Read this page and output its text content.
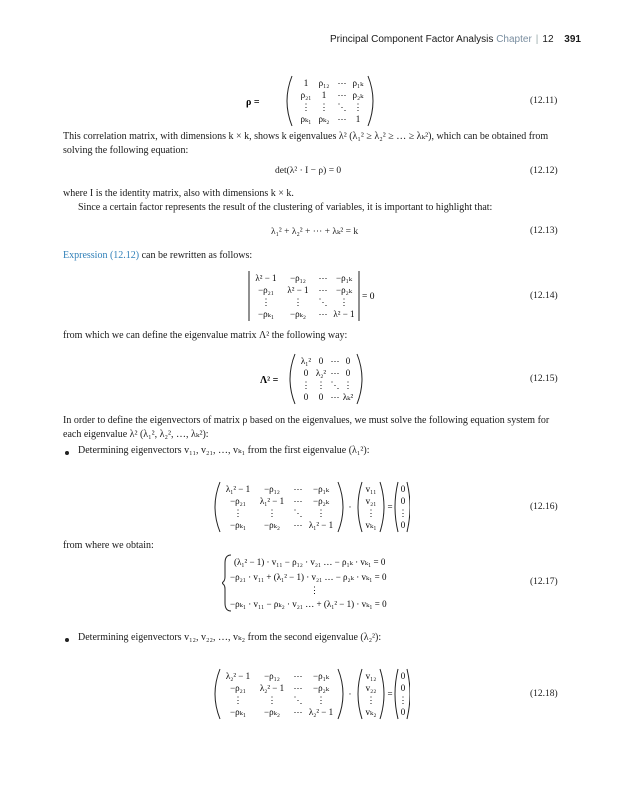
Principal Component Factor Analysis Chapter | 12 391
ρ =
1 ρ₁₂ ⋯ ρ₁ₖ
ρ₂₁ 1 ⋯ ρ₂ₖ
⋮ ⋮ ⋱ ⋮
ρₖ₁ ρₖ₂ ⋯ 1
(12.11)
This correlation matrix, with dimensions k × k, shows k eigenvalues λ² (λ₁² ≥ λ₂² ≥ … ≥ λₖ²), which can be obtained from solving the following equation:
det(λ² · I − ρ) = 0	(12.12)
where I is the identity matrix, also with dimensions k × k.
Since a certain factor represents the result of the clustering of variables, it is important to highlight that:
λ₁² + λ₂² + ⋯ + λₖ² = k	(12.13)
Expression (12.12) can be rewritten as follows:
λ² − 1 −ρ₁₂ ⋯ −ρ₁ₖ
−ρ₂₁ λ² − 1 ⋯ −ρ₂ₖ
⋮	⋮ ⋱ ⋮
−ρₖ₁ −ρₖ₂ ⋯ λ² − 1
= 0	(12.14)
from which we can define the eigenvalue matrix Λ² the following way:
Λ² =
λ₁² 0 ⋯ 0
0 λ₂² ⋯ 0
⋮ ⋮ ⋱ ⋮
0 0 ⋯ λₖ²
(12.15)
In order to define the eigenvectors of matrix ρ based on the eigenvalues, we must solve the following equation system for each eigenvalue λ² (λ₁², λ₂², …, λₖ²):
Determining eigenvectors v₁₁, v₂₁, …, vₖ₁ from the first eigenvalue (λ₁²):
λ₁² − 1 −ρ₁₂ ⋯ −ρ₁ₖ
−ρ₂₁ λ₁² − 1 ⋯ −ρ₂ₖ
⋮	⋮ ⋱ ⋮
−ρₖ₁ −ρₖ₂ ⋯ λ₁² − 1
·
v₁₁
v₂₁
⋮
vₖ₁
=
0
0
⋮
0
(12.16)
from where we obtain:
(λ₁² − 1) · v₁₁ − ρ₁₂ · v₂₁ … − ρ₁ₖ · vₖ₁ = 0
−ρ₂₁ · v₁₁ + (λ₁² − 1) · v₂₁ … − ρ₂ₖ · vₖ₁ = 0
⋮
−ρₖ₁ · v₁₁ − ρₖ₂ · v₂₁ … + (λ₁² − 1) · vₖ₁ = 0
(12.17)
Determining eigenvectors v₁₂, v₂₂, …, vₖ₂ from the second eigenvalue (λ₂²):
λ₂² − 1 −ρ₁₂ ⋯ −ρ₁ₖ
−ρ₂₁ λ₂² − 1 ⋯ −ρ₂ₖ
⋮	⋮ ⋱ ⋮
−ρₖ₁ −ρₖ₂ ⋯ λ₂² − 1
·
v₁₂
v₂₂
⋮
vₖ₂
=
0
0
⋮
0
(12.18)
